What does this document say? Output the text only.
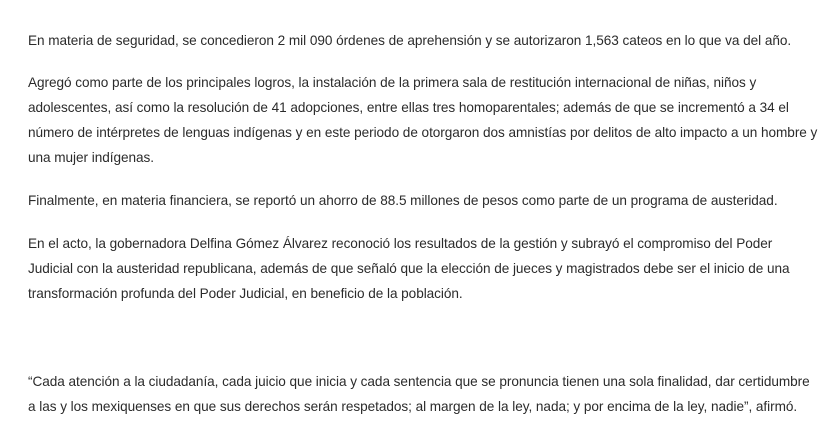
En materia de seguridad, se concedieron 2 mil 090 órdenes de aprehensión y se autorizaron 1,563 cateos en lo que va del año.

Agregó como parte de los principales logros, la instalación de la primera sala de restitución internacional de niñas, niños y adolescentes, así como la resolución de 41 adopciones, entre ellas tres homoparentales; además de que se incrementó a 34 el número de intérpretes de lenguas indígenas y en este periodo de otorgaron dos amnistías por delitos de alto impacto a un hombre y una mujer indígenas.

Finalmente, en materia financiera, se reportó un ahorro de 88.5 millones de pesos como parte de un programa de austeridad.

En el acto, la gobernadora Delfina Gómez Álvarez reconoció los resultados de la gestión y subrayó el compromiso del Poder Judicial con la austeridad republicana, además de que señaló que la elección de jueces y magistrados debe ser el inicio de una transformación profunda del Poder Judicial, en beneficio de la población.

“Cada atención a la ciudadanía, cada juicio que inicia y cada sentencia que se pronuncia tienen una sola finalidad, dar certidumbre a las y los mexiquenses en que sus derechos serán respetados; al margen de la ley, nada; y por encima de la ley, nadie”, afirmó.
